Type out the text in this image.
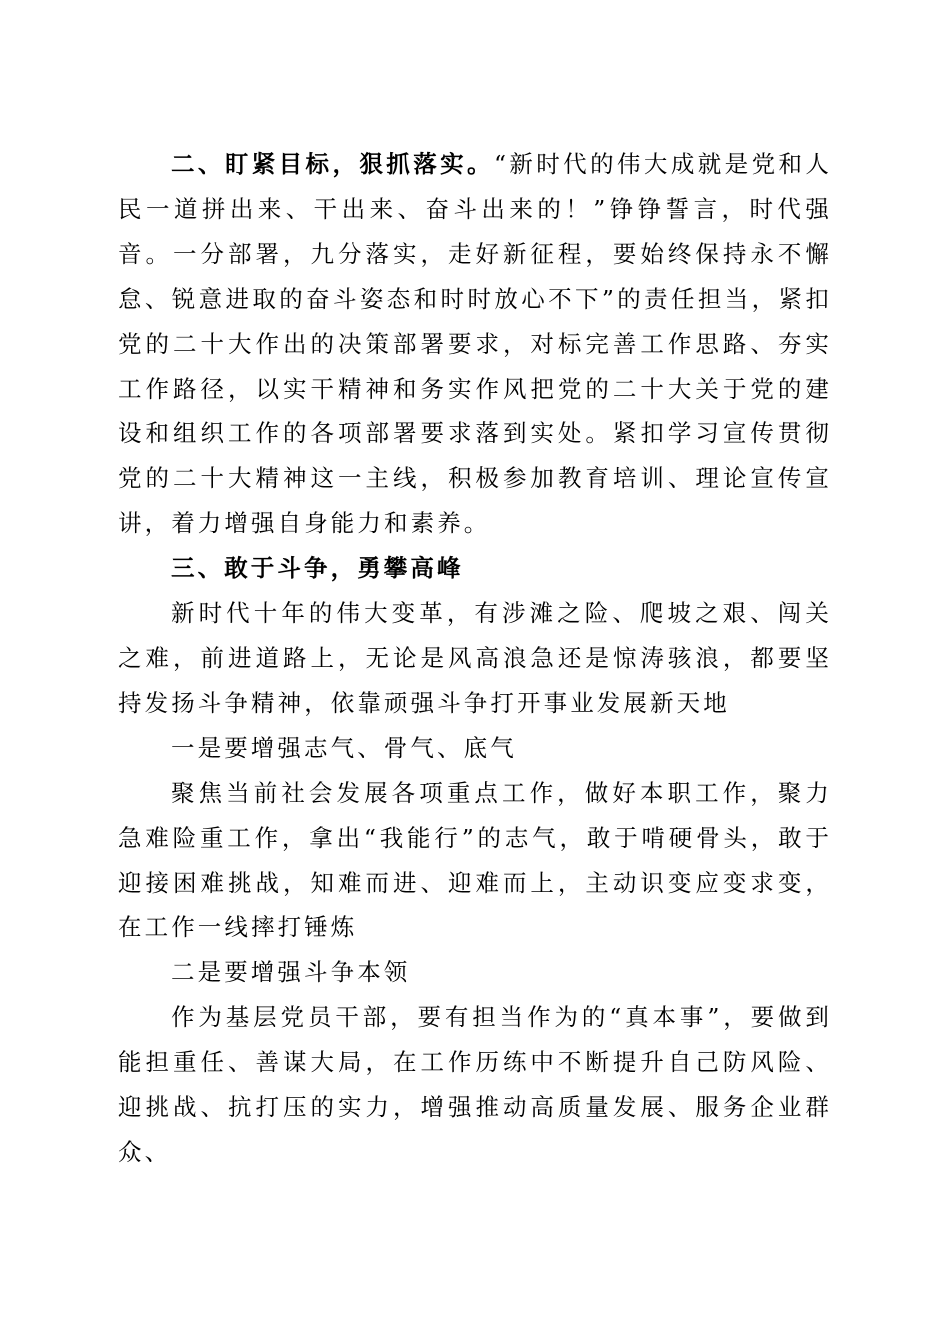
二、盯紧目标，狠抓落实。“新时代的伟大成就是党和人民一道拼出来、干出来、奋斗出来的！”铮铮誓言，时代强音。一分部署，九分落实，走好新征程，要始终保持永不懈怠、锐意进取的奋斗姿态和时时放心不下”的责任担当，紧扣党的二十大作出的决策部署要求，对标完善工作思路、夯实工作路径，以实干精神和务实作风把党的二十大关于党的建设和组织工作的各项部署要求落到实处。紧扣学习宣传贯彻党的二十大精神这一主线，积极参加教育培训、理论宣传宣讲，着力增强自身能力和素养。

三、敢于斗争，勇攀高峰

新时代十年的伟大变革，有涉滩之险、爬坡之艰、闯关之难，前进道路上，无论是风高浪急还是惊涛骇浪，都要坚持发扬斗争精神，依靠顽强斗争打开事业发展新天地

一是要增强志气、骨气、底气

聚焦当前社会发展各项重点工作，做好本职工作，聚力急难险重工作，拿出“我能行”的志气，敢于啃硬骨头，敢于迎接困难挑战，知难而进、迎难而上，主动识变应变求变，在工作一线摔打锤炼

二是要增强斗争本领

作为基层党员干部，要有担当作为的“真本事”，要做到能担重任、善谋大局，在工作历练中不断提升自己防风险、迎挑战、抗打压的实力，增强推动高质量发展、服务企业群众、
